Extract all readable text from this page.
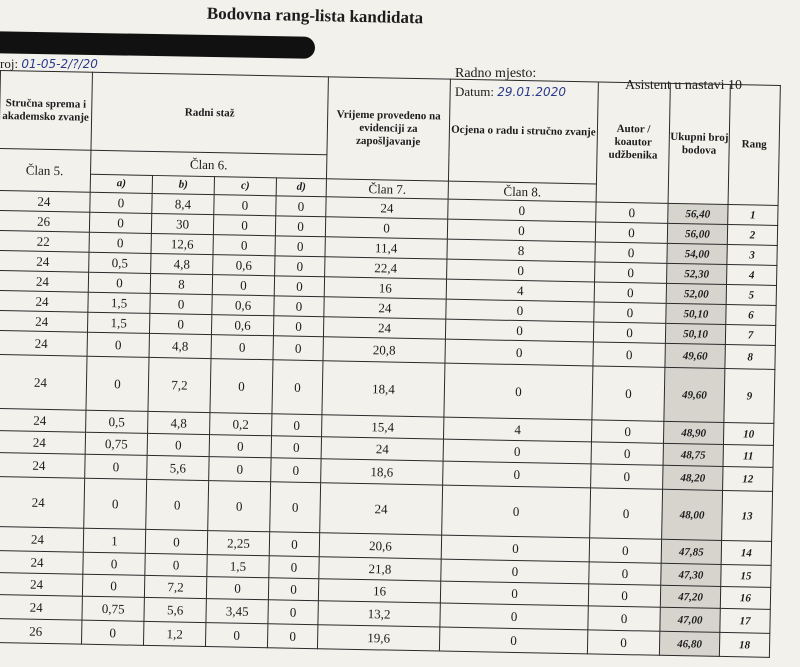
Bodovna rang-lista kandidata
roj: 01-05-2/?/20
Radno mjesto:
Datum: 29.01.2020	Asistent u nastavi 10
Stručna sprema i akademsko zvanje	Radni staž				Vrijeme provedeno na evidenciji za zapošljavanje	Ocjena o radu i stručno zvanje	Autor / koautor udžbenika	Ukupni broj bodova	Rang
Član 5.	Član 6.								
	a)	b)	c)	d)	Član 7.	Član 8.			
24	0	8,4	0	0	24	0	0	56,40	1
26	0	30	0	0	0	0	0	56,00	2
22	0	12,6	0	0	11,4	8	0	54,00	3
24	0,5	4,8	0,6	0	22,4	0	0	52,30	4
24	0	8	0	0	16	4	0	52,00	5
24	1,5	0	0,6	0	24	0	0	50,10	6
24	1,5	0	0,6	0	24	0	0	50,10	7
24	0	4,8	0	0	20,8	0	0	49,60	8
24	0	7,2	0	0	18,4	0	0	49,60	9
24	0,5	4,8	0,2	0	15,4	4	0	48,90	10
24	0,75	0	0	0	24	0	0	48,75	11
24	0	5,6	0	0	18,6	0	0	48,20	12
24	0	0	0	0	24	0	0	48,00	13
24	1	0	2,25	0	20,6	0	0	47,85	14
24	0	0	1,5	0	21,8	0	0	47,30	15
24	0	7,2	0	0	16	0	0	47,20	16
24	0,75	5,6	3,45	0	13,2	0	0	47,00	17
26	0	1,2	0	0	19,6	0	0	46,80	18
